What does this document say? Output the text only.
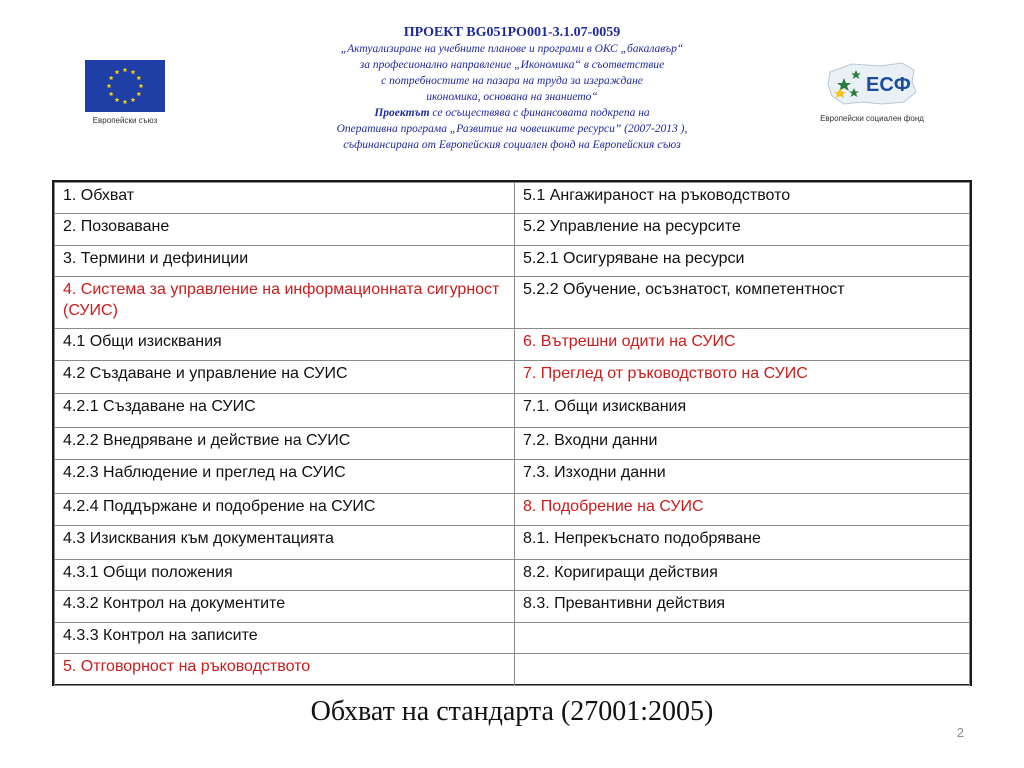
ПРОЕКТ BG051PO001-3.1.07-0059
„Актуализиране на учебните планове и програми в ОКС „бакалавър“
за професионално направление „Икономика“ в съответствие
с потребностите на пазара на труда за изграждане
икономика, основана на знанието“
Проектът се осъществява с финансовата подкрепа на
Оперативна програма „Развитие на човешките ресурси” (2007-2013 ),
съфинансирана от Европейския социален фонд на Европейския съюз
Европейски съюз
ЕСФ
Европейски социален фонд
1. Обхват	5.1 Ангажираност на ръководството
2. Позоваване	5.2 Управление на ресурсите
3. Термини и дефиниции	5.2.1 Осигуряване на ресурси
4. Система за управление на информационната сигурност (СУИС)	5.2.2 Обучение, осъзнатост, компетентност
4.1 Общи изисквания	6. Вътрешни одити на СУИС
4.2 Създаване и управление на СУИС	7. Преглед от ръководството на СУИС
4.2.1 Създаване на СУИС	7.1. Общи изисквания
4.2.2 Внедряване и действие на СУИС	7.2. Входни данни
4.2.3 Наблюдение и преглед на СУИС	7.3. Изходни данни
4.2.4 Поддържане и подобрение на СУИС	8. Подобрение на СУИС
4.3 Изисквания към документацията	8.1. Непрекъснато подобряване
4.3.1 Общи положения	8.2. Коригиращи действия
4.3.2 Контрол на документите	8.3. Превантивни действия
4.3.3 Контрол на записите	
5. Отговорност на ръководството	
Обхват на стандарта (27001:2005)
2
